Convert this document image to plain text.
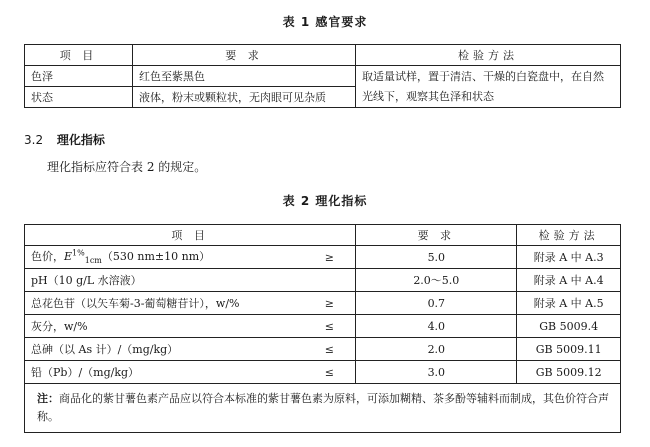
表 1 感官要求
项 目	要 求	检验方法
色泽	红色至紫黑色	取适量试样，置于清洁、干燥的白瓷盘中，在自然光线下，观察其色泽和状态
状态	液体，粉末或颗粒状，无肉眼可见杂质	
3.2 理化指标
理化指标应符合表 2 的规定。
表 2 理化指标
项 目		要 求	检验方法
色价，$E^{1\%}_{1cm}(530$ nm±10 nm）	≥	5.0	附录 A 中 A.3
pH（10 g/L 水溶液）		2.0～5.0	附录 A 中 A.4
总花色苷（以矢车菊-3-葡萄糖苷计），w/%	≥	0.7	附录 A 中 A.5
灰分，w/%	≤	4.0	GB 5009.4
总砷（以 As 计）/（mg/kg）	≤	2.0	GB 5009.11
铅（Pb）/（mg/kg）	≤	3.0	GB 5009.12
注：商品化的紫甘薯色素产品应以符合本标准的紫甘薯色素为原料，可添加糊精、茶多酚等辅料而制成，其色价符合声称。			
